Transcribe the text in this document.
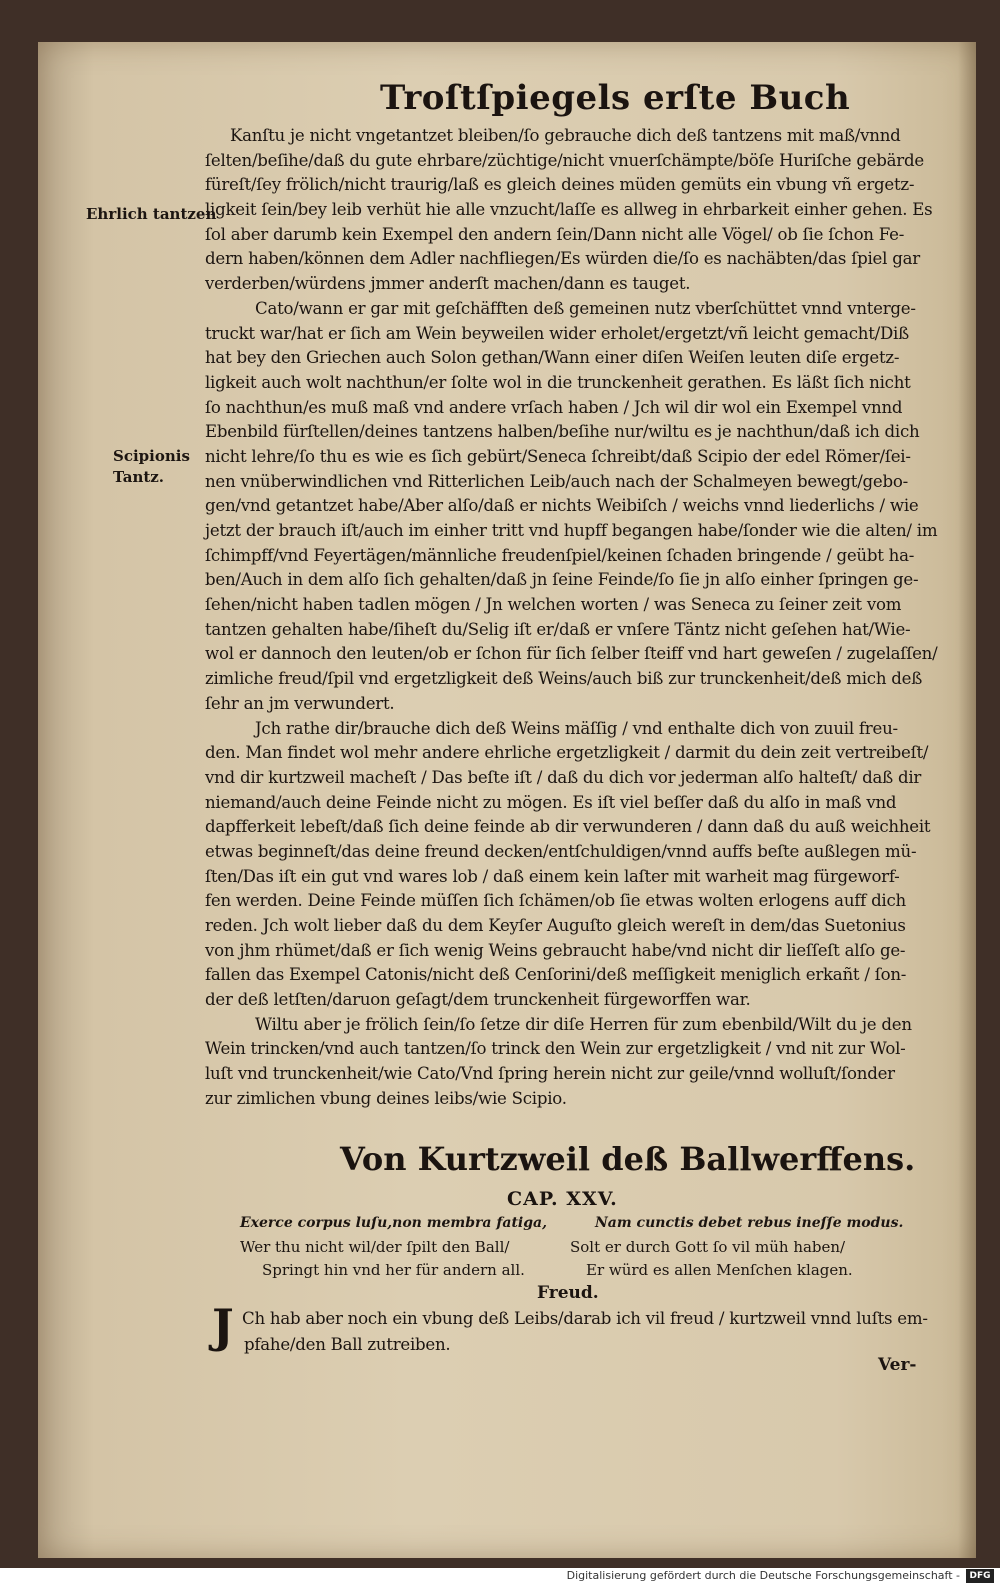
Troſtſpiegels erſte Buch
Ehrlich tantzen
Scipionis
Tantz.
Kanſtu je nicht vngetantzet bleiben/ſo gebrauche dich deß tantzens mit maß/vnnd
ſelten/beſihe/daß du gute ehrbare/züchtige/nicht vnuerſchämpte/böſe Huriſche gebärde
füreſt/ſey frölich/nicht traurig/laß es gleich deines müden gemüts ein vbung vñ ergetz-
ligkeit ſein/bey leib verhüt hie alle vnzucht/laſſe es allweg in ehrbarkeit einher gehen. Es
ſol aber darumb kein Exempel den andern ſein/Dann nicht alle Vögel/ ob ſie ſchon Fe-
dern haben/können dem Adler nachfliegen/Es würden die/ſo es nachäbten/das ſpiel gar
verderben/würdens jmmer anderſt machen/dann es tauget.
Cato/wann er gar mit geſchäfften deß gemeinen nutz vberſchüttet vnnd vnterge-
truckt war/hat er ſich am Wein beyweilen wider erholet/ergetzt/vñ leicht gemacht/Diß
hat bey den Griechen auch Solon gethan/Wann einer diſen Weiſen leuten diſe ergetz-
ligkeit auch wolt nachthun/er ſolte wol in die trunckenheit gerathen. Es läßt ſich nicht
ſo nachthun/es muß maß vnd andere vrſach haben / Jch wil dir wol ein Exempel vnnd
Ebenbild fürſtellen/deines tantzens halben/beſihe nur/wiltu es je nachthun/daß ich dich
nicht lehre/ſo thu es wie es ſich gebürt/Seneca ſchreibt/daß Scipio der edel Römer/ſei-
nen vnüberwindlichen vnd Ritterlichen Leib/auch nach der Schalmeyen bewegt/gebo-
gen/vnd getantzet habe/Aber alſo/daß er nichts Weibiſch / weichs vnnd liederlichs / wie
jetzt der brauch iſt/auch im einher tritt vnd hupff begangen habe/ſonder wie die alten/ im
ſchimpff/vnd Feyertägen/männliche freudenſpiel/keinen ſchaden bringende / geübt ha-
ben/Auch in dem alſo ſich gehalten/daß jn ſeine Feinde/ſo ſie jn alſo einher ſpringen ge-
ſehen/nicht haben tadlen mögen / Jn welchen worten / was Seneca zu ſeiner zeit vom
tantzen gehalten habe/ſiheſt du/Selig iſt er/daß er vnſere Täntz nicht geſehen hat/Wie-
wol er dannoch den leuten/ob er ſchon für ſich ſelber ſteiff vnd hart geweſen / zugelaſſen/
zimliche freud/ſpil vnd ergetzligkeit deß Weins/auch biß zur trunckenheit/deß mich deß
ſehr an jm verwundert.
Jch rathe dir/brauche dich deß Weins mäſſig / vnd enthalte dich von zuuil freu-
den. Man findet wol mehr andere ehrliche ergetzligkeit / darmit du dein zeit vertreibeſt/
vnd dir kurtzweil macheſt / Das beſte iſt / daß du dich vor jederman alſo halteſt/ daß dir
niemand/auch deine Feinde nicht zu mögen. Es iſt viel beſſer daß du alſo in maß vnd
dapfferkeit lebeſt/daß ſich deine feinde ab dir verwunderen / dann daß du auß weichheit
etwas beginneſt/das deine freund decken/entſchuldigen/vnnd auffs beſte außlegen mü-
ſten/Das iſt ein gut vnd wares lob / daß einem kein laſter mit warheit mag fürgeworf-
fen werden. Deine Feinde müſſen ſich ſchämen/ob ſie etwas wolten erlogens auff dich
reden. Jch wolt lieber daß du dem Keyſer Auguſto gleich wereſt in dem/das Suetonius
von jhm rhümet/daß er ſich wenig Weins gebraucht habe/vnd nicht dir lieſſeſt alſo ge-
fallen das Exempel Catonis/nicht deß Cenſorini/deß meſſigkeit meniglich erkañt / ſon-
der deß letſten/daruon geſagt/dem trunckenheit fürgeworffen war.
Wiltu aber je frölich ſein/ſo ſetze dir diſe Herren für zum ebenbild/Wilt du je den
Wein trincken/vnd auch tantzen/ſo trinck den Wein zur ergetzligkeit / vnd nit zur Wol-
luſt vnd trunckenheit/wie Cato/Vnd ſpring herein nicht zur geile/vnnd wolluſt/ſonder
zur zimlichen vbung deines leibs/wie Scipio.
Von Kurtzweil deß Ballwerffens.
CAP. XXV.
Exerce corpus luſu,non membra fatiga,	Nam cunctis debet rebus ineſſe modus.
Wer thu nicht wil/der ſpilt den Ball/
Springt hin vnd her für andern all.
Solt er durch Gott ſo vil müh haben/
Er würd es allen Menſchen klagen.
Freud.
J Ch hab aber noch ein vbung deß Leibs/darab ich vil freud / kurtzweil vnnd luſts em-
pfahe/den Ball zutreiben.
Ver-
Digitalisierung gefördert durch die Deutsche Forschungsgemeinschaft -	DFG
